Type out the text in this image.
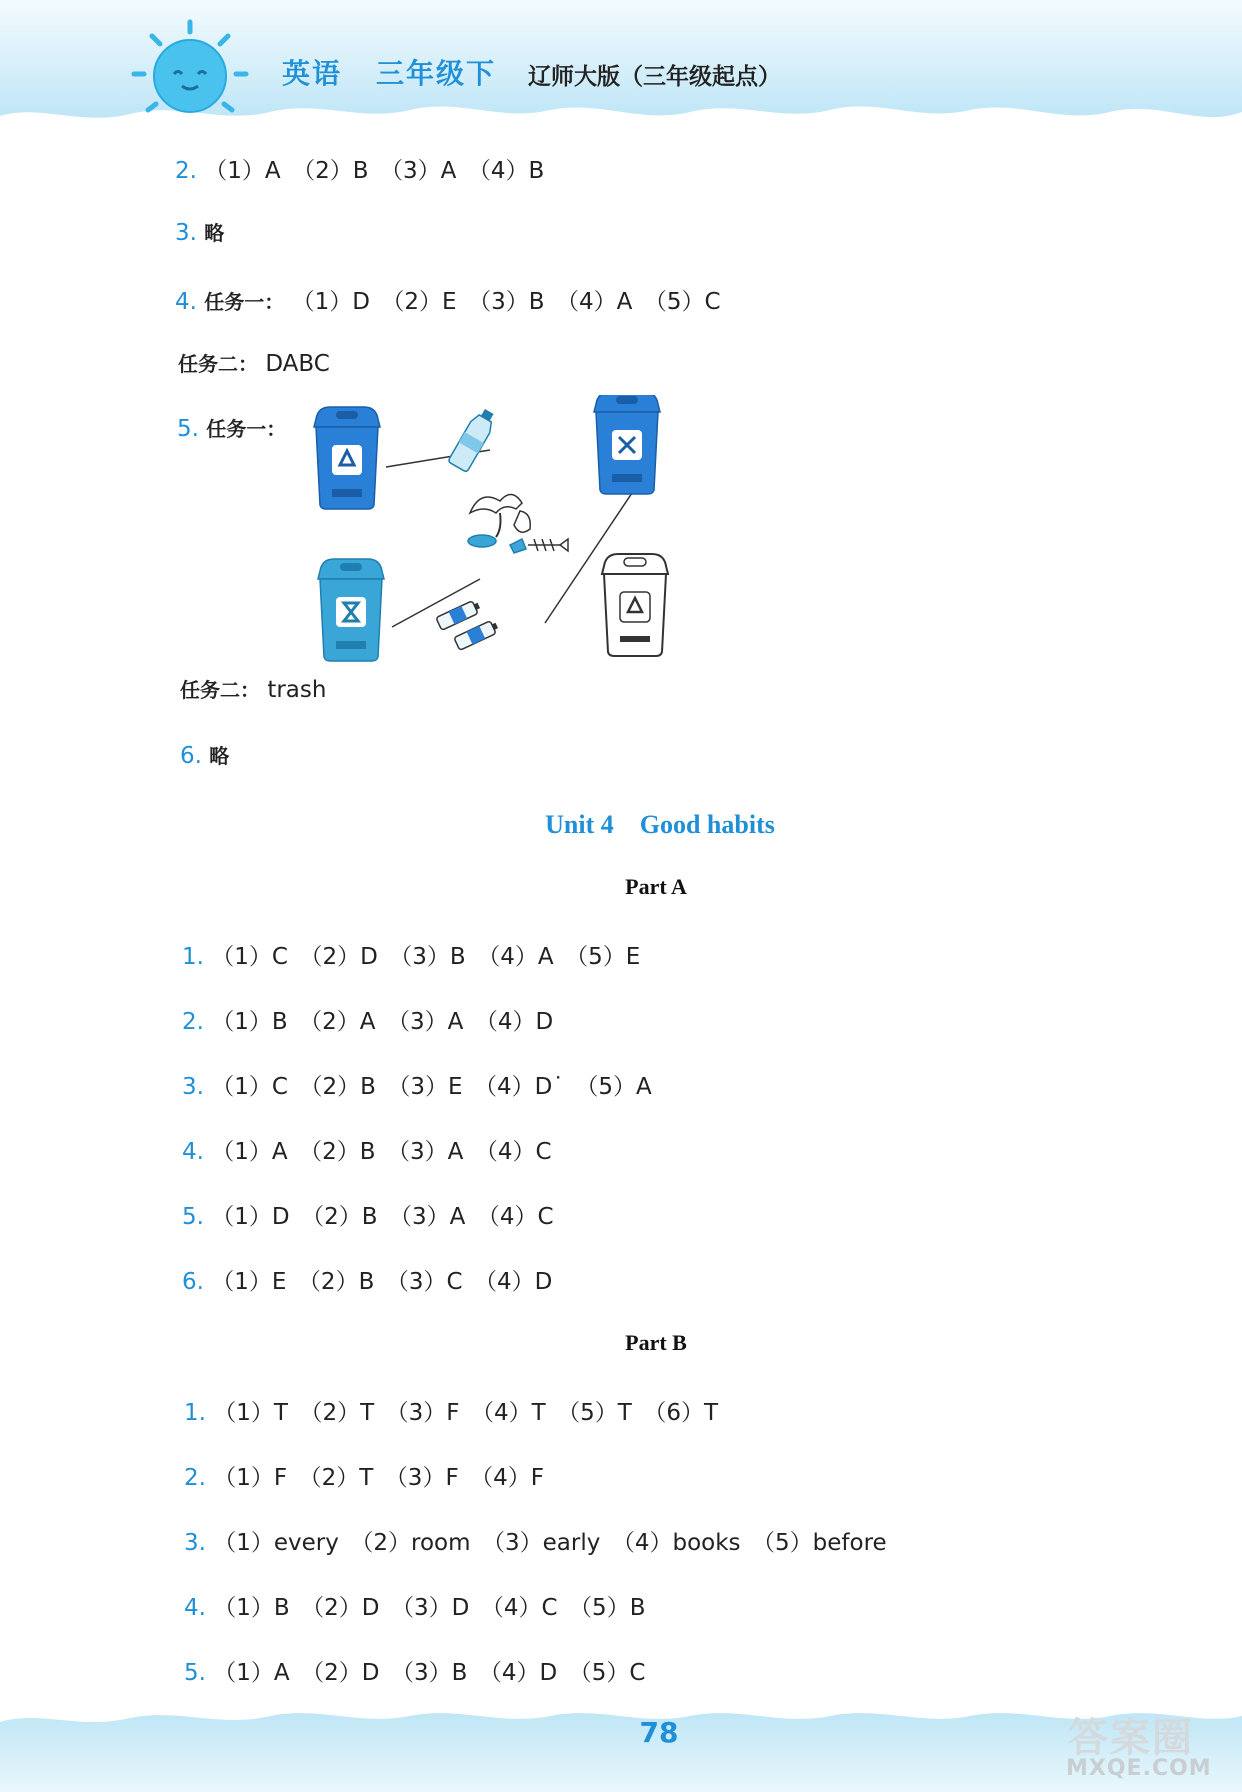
英语 三年级下 辽师大版（三年级起点）
2. （1）A　（2）B　（3）A　（4）B
3. 略
4. 任务一： （1）D　（2）E　（3）B　（4）A　（5）C
任务二： DABC
5. 任务一：
任务二： trash
6. 略
Unit 4　Good habits
Part A
1. （1）C　（2）D　（3）B　（4）A　（5）E
2. （1）B　（2）A　（3）A　（4）D
3. （1）C　（2）B　（3）E　（4）D˙　（5）A
4. （1）A　（2）B　（3）A　（4）C
5. （1）D　（2）B　（3）A　（4）C
6. （1）E　（2）B　（3）C　（4）D
Part B
1. （1）T　（2）T　（3）F　（4）T　（5）T　（6）T
2. （1）F　（2）T　（3）F　（4）F
3. （1）every　（2）room　（3）early　（4）books　（5）before
4. （1）B　（2）D　（3）D　（4）C　（5）B
5. （1）A　（2）D　（3）B　（4）D　（5）C
78	答案圈
MXQE.COM
